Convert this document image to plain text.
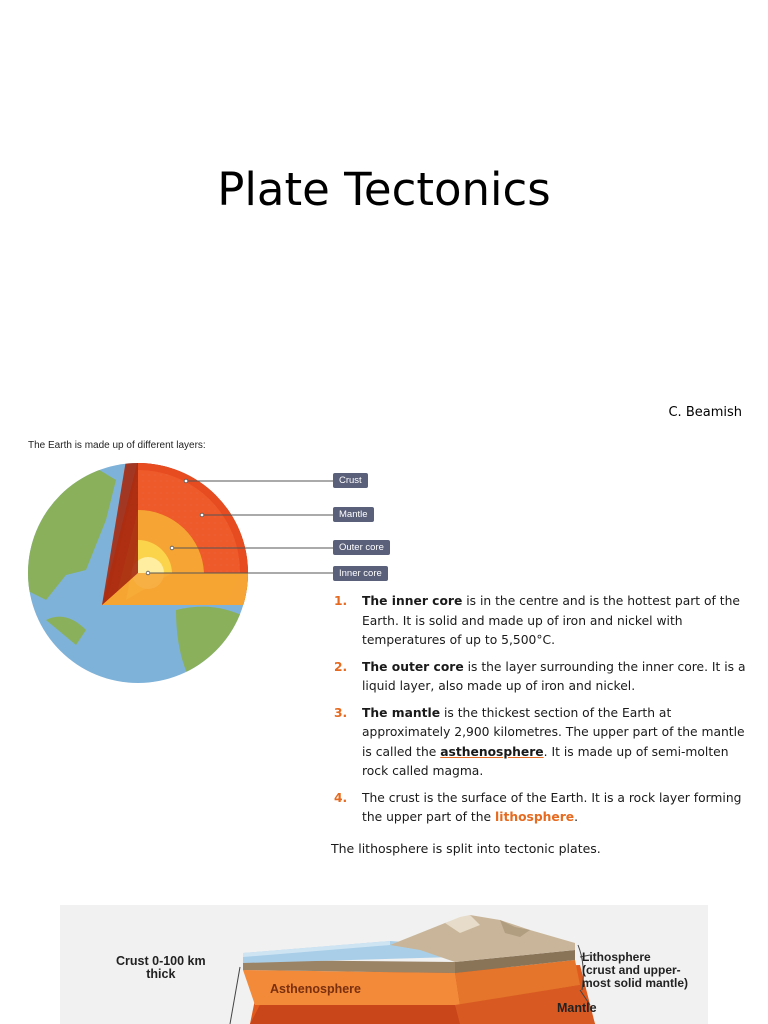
Plate Tectonics
C. Beamish
The Earth is made up of different layers:
Crust
Mantle
Outer core
Inner core
1. The inner core is in the centre and is the hottest part of the Earth. It is solid and made up of iron and nickel with temperatures of up to 5,500°C.
2. The outer core is the layer surrounding the inner core. It is a liquid layer, also made up of iron and nickel.
3. The mantle is the thickest section of the Earth at approximately 2,900 kilometres. The upper part of the mantle is called the asthenosphere. It is made up of semi-molten rock called magma.
4. The crust is the surface of the Earth. It is a rock layer forming the upper part of the lithosphere.
The lithosphere is split into tectonic plates.
Crust 0-100 km
thick
Asthenosphere
Lithosphere
(crust and upper-
most solid mantle)
Mantle
